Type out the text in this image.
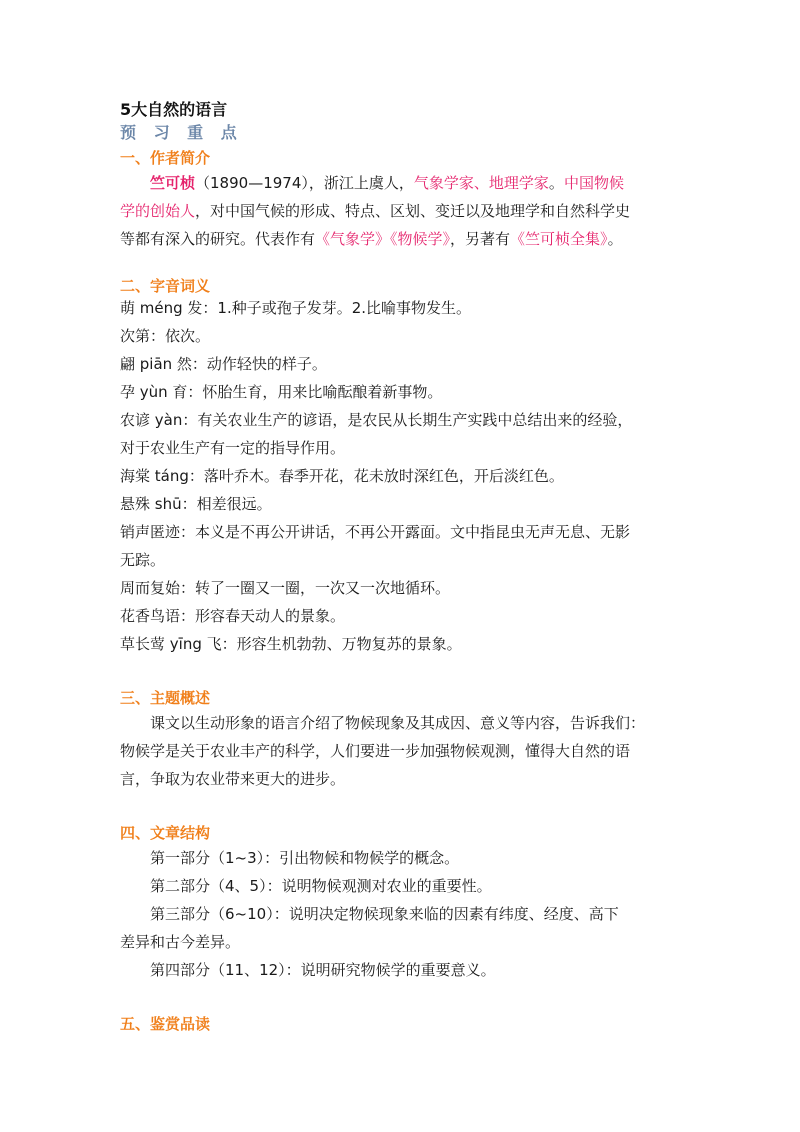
5大自然的语言
预 习 重 点
一、作者简介
竺可桢（1890—1974），浙江上虞人，气象学家、地理学家。中国物候
学的创始人，对中国气候的形成、特点、区划、变迁以及地理学和自然科学史
等都有深入的研究。代表作有《气象学》《物候学》，另著有《竺可桢全集》。
二、字音词义
萌 méng 发：1.种子或孢子发芽。2.比喻事物发生。
次第：依次。
翩 piān 然：动作轻快的样子。
孕 yùn 育：怀胎生育，用来比喻酝酿着新事物。
农谚 yàn：有关农业生产的谚语，是农民从长期生产实践中总结出来的经验，
对于农业生产有一定的指导作用。
海棠 táng：落叶乔木。春季开花，花未放时深红色，开后淡红色。
悬殊 shū：相差很远。
销声匿迹：本义是不再公开讲话，不再公开露面。文中指昆虫无声无息、无影
无踪。
周而复始：转了一圈又一圈，一次又一次地循环。
花香鸟语：形容春天动人的景象。
草长莺 yīng 飞：形容生机勃勃、万物复苏的景象。
三、主题概述
课文以生动形象的语言介绍了物候现象及其成因、意义等内容，告诉我们：
物候学是关于农业丰产的科学，人们要进一步加强物候观测，懂得大自然的语
言，争取为农业带来更大的进步。
四、文章结构
第一部分（1~3）：引出物候和物候学的概念。
第二部分（4、5）：说明物候观测对农业的重要性。
第三部分（6~10）：说明决定物候现象来临的因素有纬度、经度、高下
差异和古今差异。
第四部分（11、12）：说明研究物候学的重要意义。
五、鉴赏品读
